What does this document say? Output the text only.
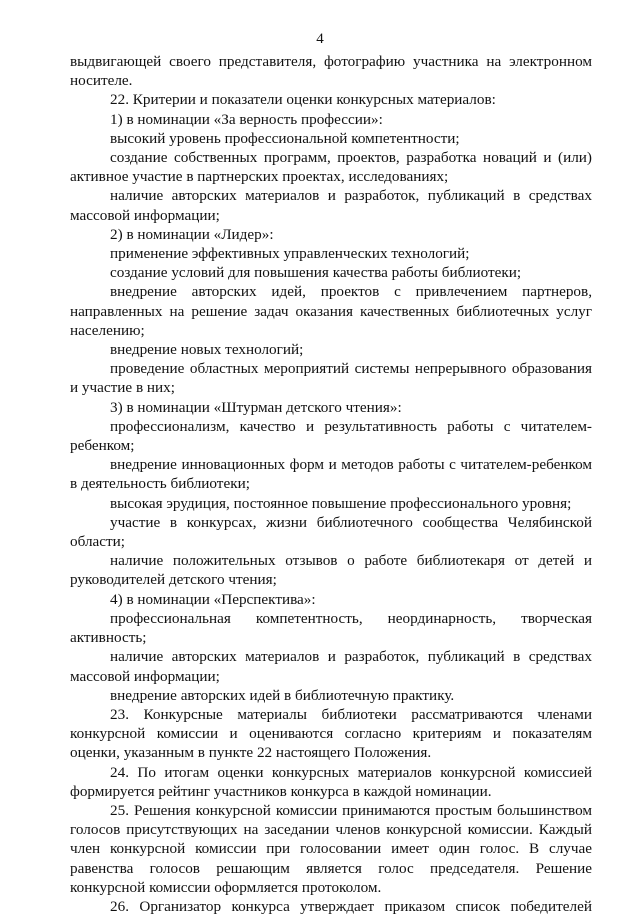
4
выдвигающей своего представителя, фотографию участника на электронном
носителе.
22. Критерии и показатели оценки конкурсных материалов:
1) в номинации «За верность профессии»:
высокий уровень профессиональной компетентности;
создание собственных программ, проектов, разработка новаций и (или)
активное участие в партнерских проектах, исследованиях;
наличие авторских материалов и разработок, публикаций в средствах
массовой информации;
2) в номинации «Лидер»:
применение эффективных управленческих технологий;
создание условий для повышения качества работы библиотеки;
внедрение авторских идей, проектов с привлечением партнеров,
направленных на решение задач оказания качественных библиотечных услуг
населению;
внедрение новых технологий;
проведение областных мероприятий системы непрерывного образования
и участие в них;
3) в номинации «Штурман детского чтения»:
профессионализм, качество и результативность работы с читателем-
ребенком;
внедрение инновационных форм и методов работы с читателем-ребенком
в деятельность библиотеки;
высокая эрудиция, постоянное повышение профессионального уровня;
участие в конкурсах, жизни библиотечного сообщества Челябинской
области;
наличие положительных отзывов о работе библиотекаря от детей и
руководителей детского чтения;
4) в номинации «Перспектива»:
профессиональная компетентность, неординарность, творческая
активность;
наличие авторских материалов и разработок, публикаций в средствах
массовой информации;
внедрение авторских идей в библиотечную практику.
23. Конкурсные материалы библиотеки рассматриваются членами
конкурсной комиссии и оцениваются согласно критериям и показателям
оценки, указанным в пункте 22 настоящего Положения.
24. По итогам оценки конкурсных материалов конкурсной комиссией
формируется рейтинг участников конкурса в каждой номинации.
25. Решения конкурсной комиссии принимаются простым большинством
голосов присутствующих на заседании членов конкурсной комиссии. Каждый
член конкурсной комиссии при голосовании имеет один голос. В случае
равенства голосов решающим является голос председателя. Решение
конкурсной комиссии оформляется протоколом.
26. Организатор конкурса утверждает приказом список победителей
